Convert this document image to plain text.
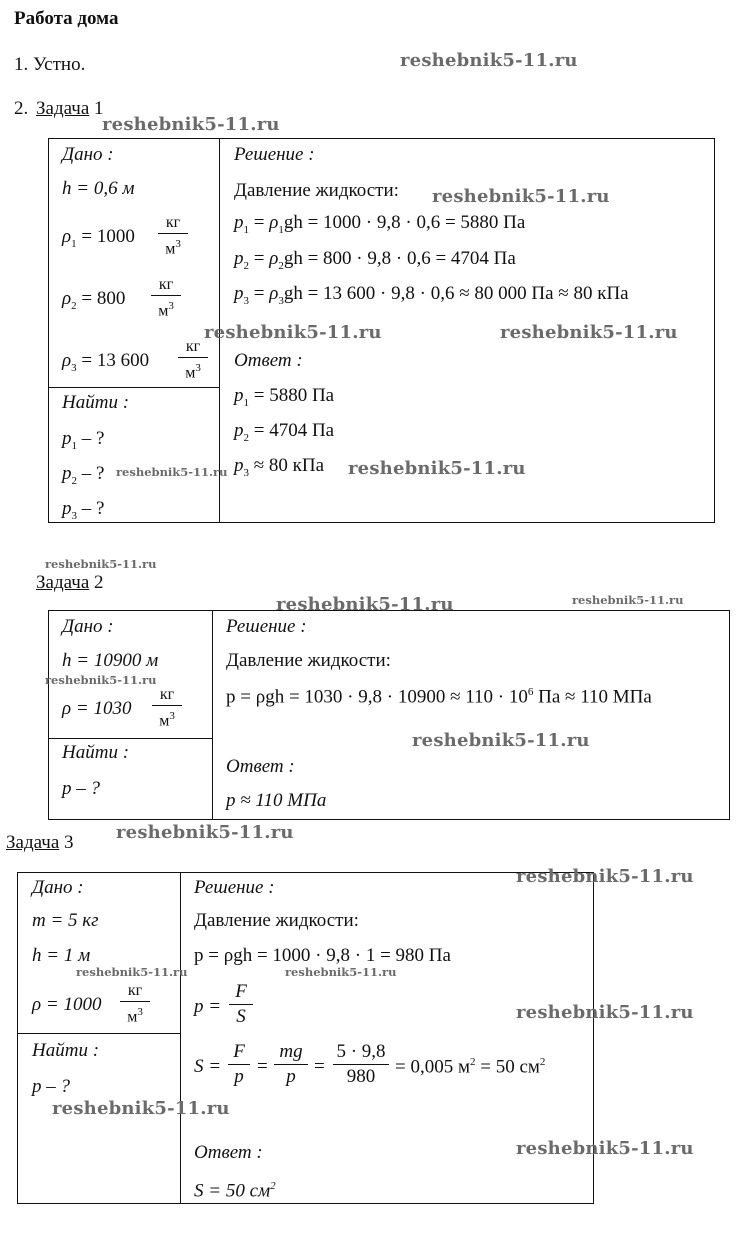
Работа дома
1. Устно.
2. Задача 1
Дано :
h = 0,6 м
$\rho_1 = 1000$
кг
$м^3$
$\rho_2 = 800$
кг
$м^3$
$\rho_3 = 13$ 600
кг
$м^3$
Найти :
$p_1$ – ?
$p_2$ – ?
$p_3$ – ?
Решение :
Давление жидкости:
$p_1 = \rho_1gh = 1000 \cdot 9,8 \cdot 0,6 = 5880$ Па
$p_2 = \rho_2gh = 800 \cdot 9,8 \cdot 0,6 = 4704$ Па
$p_3 = \rho_3gh = 13$ 600 · 9,8 · 0,6 ≈ 80 000 Па ≈ 80 кПа
Ответ :
$p_1 = 5880$ Па
$p_2 = 4704$ Па
$p_3 \approx 80$ кПа
Задача 2
Дано :
h = 10900 м
ρ = 1030
кг
$м^3$
Найти :
p – ?
Решение :
Давление жидкости:
$p = \rho gh = 1030 \cdot 9,8 \cdot 10900 \approx 110 \cdot 10^6$ Па ≈ 110 МПа
Ответ :
p ≈ 110 МПа
Задача 3
Дано :
m = 5 кг
h = 1 м
ρ = 1000
кг
$м^3$
Найти :
p – ?
Решение :
Давление жидкости:
p = ρgh = 1000 · 9,8 · 1 = 980 Па
p =
F
S
S =
F
p =
mg
p =
5 · 9,8
980	= 0,005 $м^2 = 50$ $см^2$
Ответ :
S = 50 $см^2$
reshebnik5-11.ru
reshebnik5-11.ru
reshebnik5-11.ru
reshebnik5-11.ru	reshebnik5-11.ru
reshebnik5-11.ru	reshebnik5-11.ru
reshebnik5-11.ru
reshebnik5-11.ru	reshebnik5-11.ru
reshebnik5-11.ru
reshebnik5-11.ru
reshebnik5-11.ru
reshebnik5-11.ru
reshebnik5-11.ru	reshebnik5-11.ru
reshebnik5-11.ru
reshebnik5-11.ru
reshebnik5-11.ru
